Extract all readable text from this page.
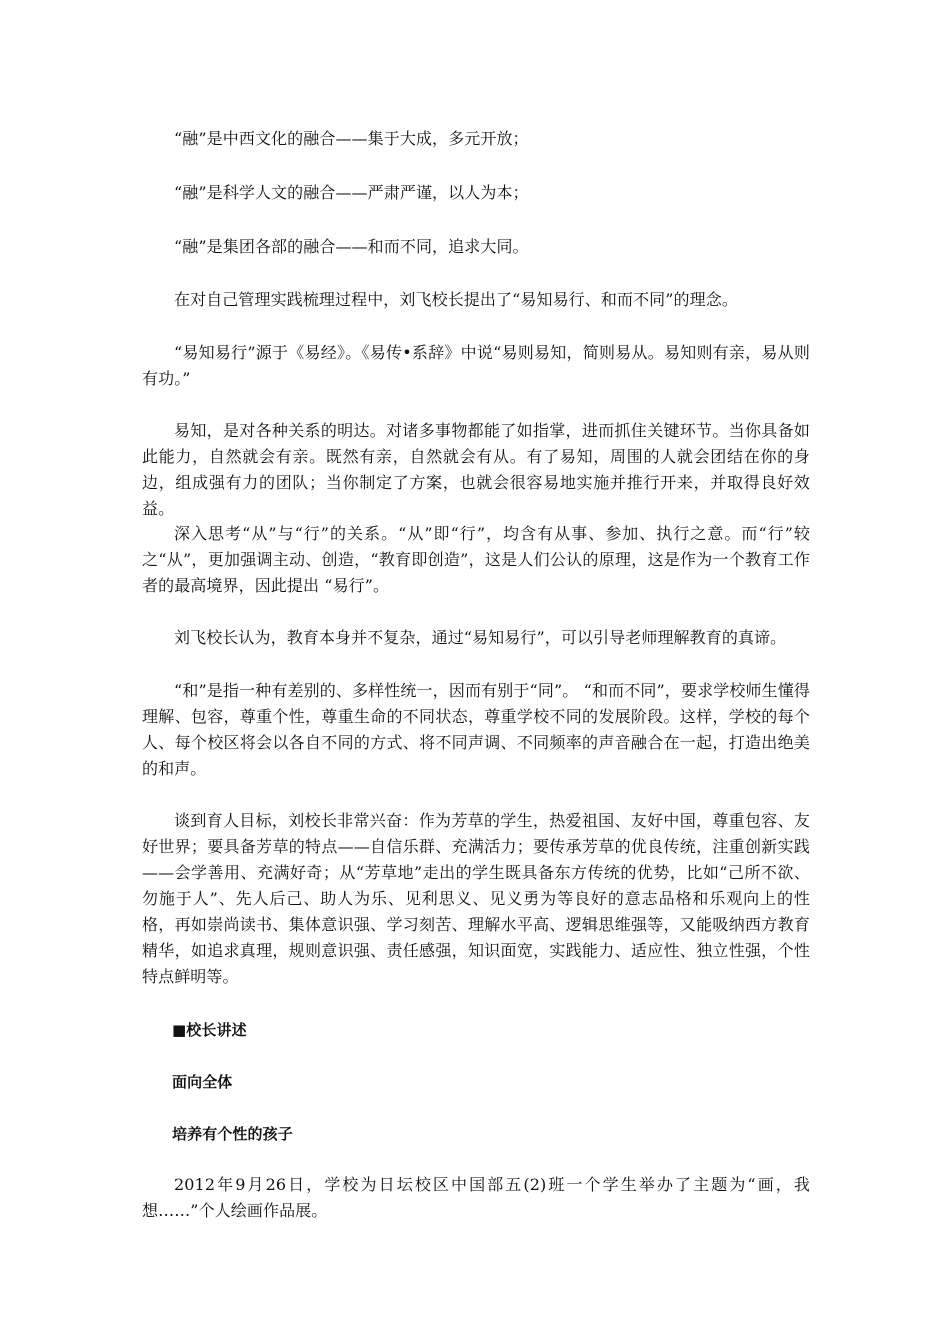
“融”是中西文化的融合——集于大成，多元开放；

“融”是科学人文的融合——严肃严谨，以人为本；

“融”是集团各部的融合——和而不同，追求大同。

在对自己管理实践梳理过程中，刘飞校长提出了“易知易行、和而不同”的理念。

“易知易行”源于《易经》。《易传•系辞》中说“易则易知，简则易从。易知则有亲，易从则有功。”

易知，是对各种关系的明达。对诸多事物都能了如指掌，进而抓住关键环节。当你具备如此能力，自然就会有亲。既然有亲，自然就会有从。有了易知，周围的人就会团结在你的身边，组成强有力的团队；当你制定了方案，也就会很容易地实施并推行开来，并取得良好效益。

深入思考“从”与“行”的关系。“从”即“行”，均含有从事、参加、执行之意。而“行”较之“从”，更加强调主动、创造，“教育即创造”，这是人们公认的原理，这是作为一个教育工作者的最高境界，因此提出 “易行”。

刘飞校长认为，教育本身并不复杂，通过“易知易行”，可以引导老师理解教育的真谛。

“和”是指一种有差别的、多样性统一，因而有别于“同”。 “和而不同”，要求学校师生懂得理解、包容，尊重个性，尊重生命的不同状态，尊重学校不同的发展阶段。这样，学校的每个人、每个校区将会以各自不同的方式、将不同声调、不同频率的声音融合在一起，打造出绝美的和声。

谈到育人目标，刘校长非常兴奋：作为芳草的学生，热爱祖国、友好中国，尊重包容、友好世界；要具备芳草的特点——自信乐群、充满活力；要传承芳草的优良传统，注重创新实践——会学善用、充满好奇；从“芳草地”走出的学生既具备东方传统的优势，比如“己所不欲、勿施于人”、先人后己、助人为乐、见利思义、见义勇为等良好的意志品格和乐观向上的性格，再如崇尚读书、集体意识强、学习刻苦、理解水平高、逻辑思维强等，又能吸纳西方教育精华，如追求真理，规则意识强、责任感强，知识面宽，实践能力、适应性、独立性强，个性特点鲜明等。

■校长讲述

面向全体

培养有个性的孩子

2012年9月26日，学校为日坛校区中国部五(2)班一个学生举办了主题为“画，我想……”个人绘画作品展。
